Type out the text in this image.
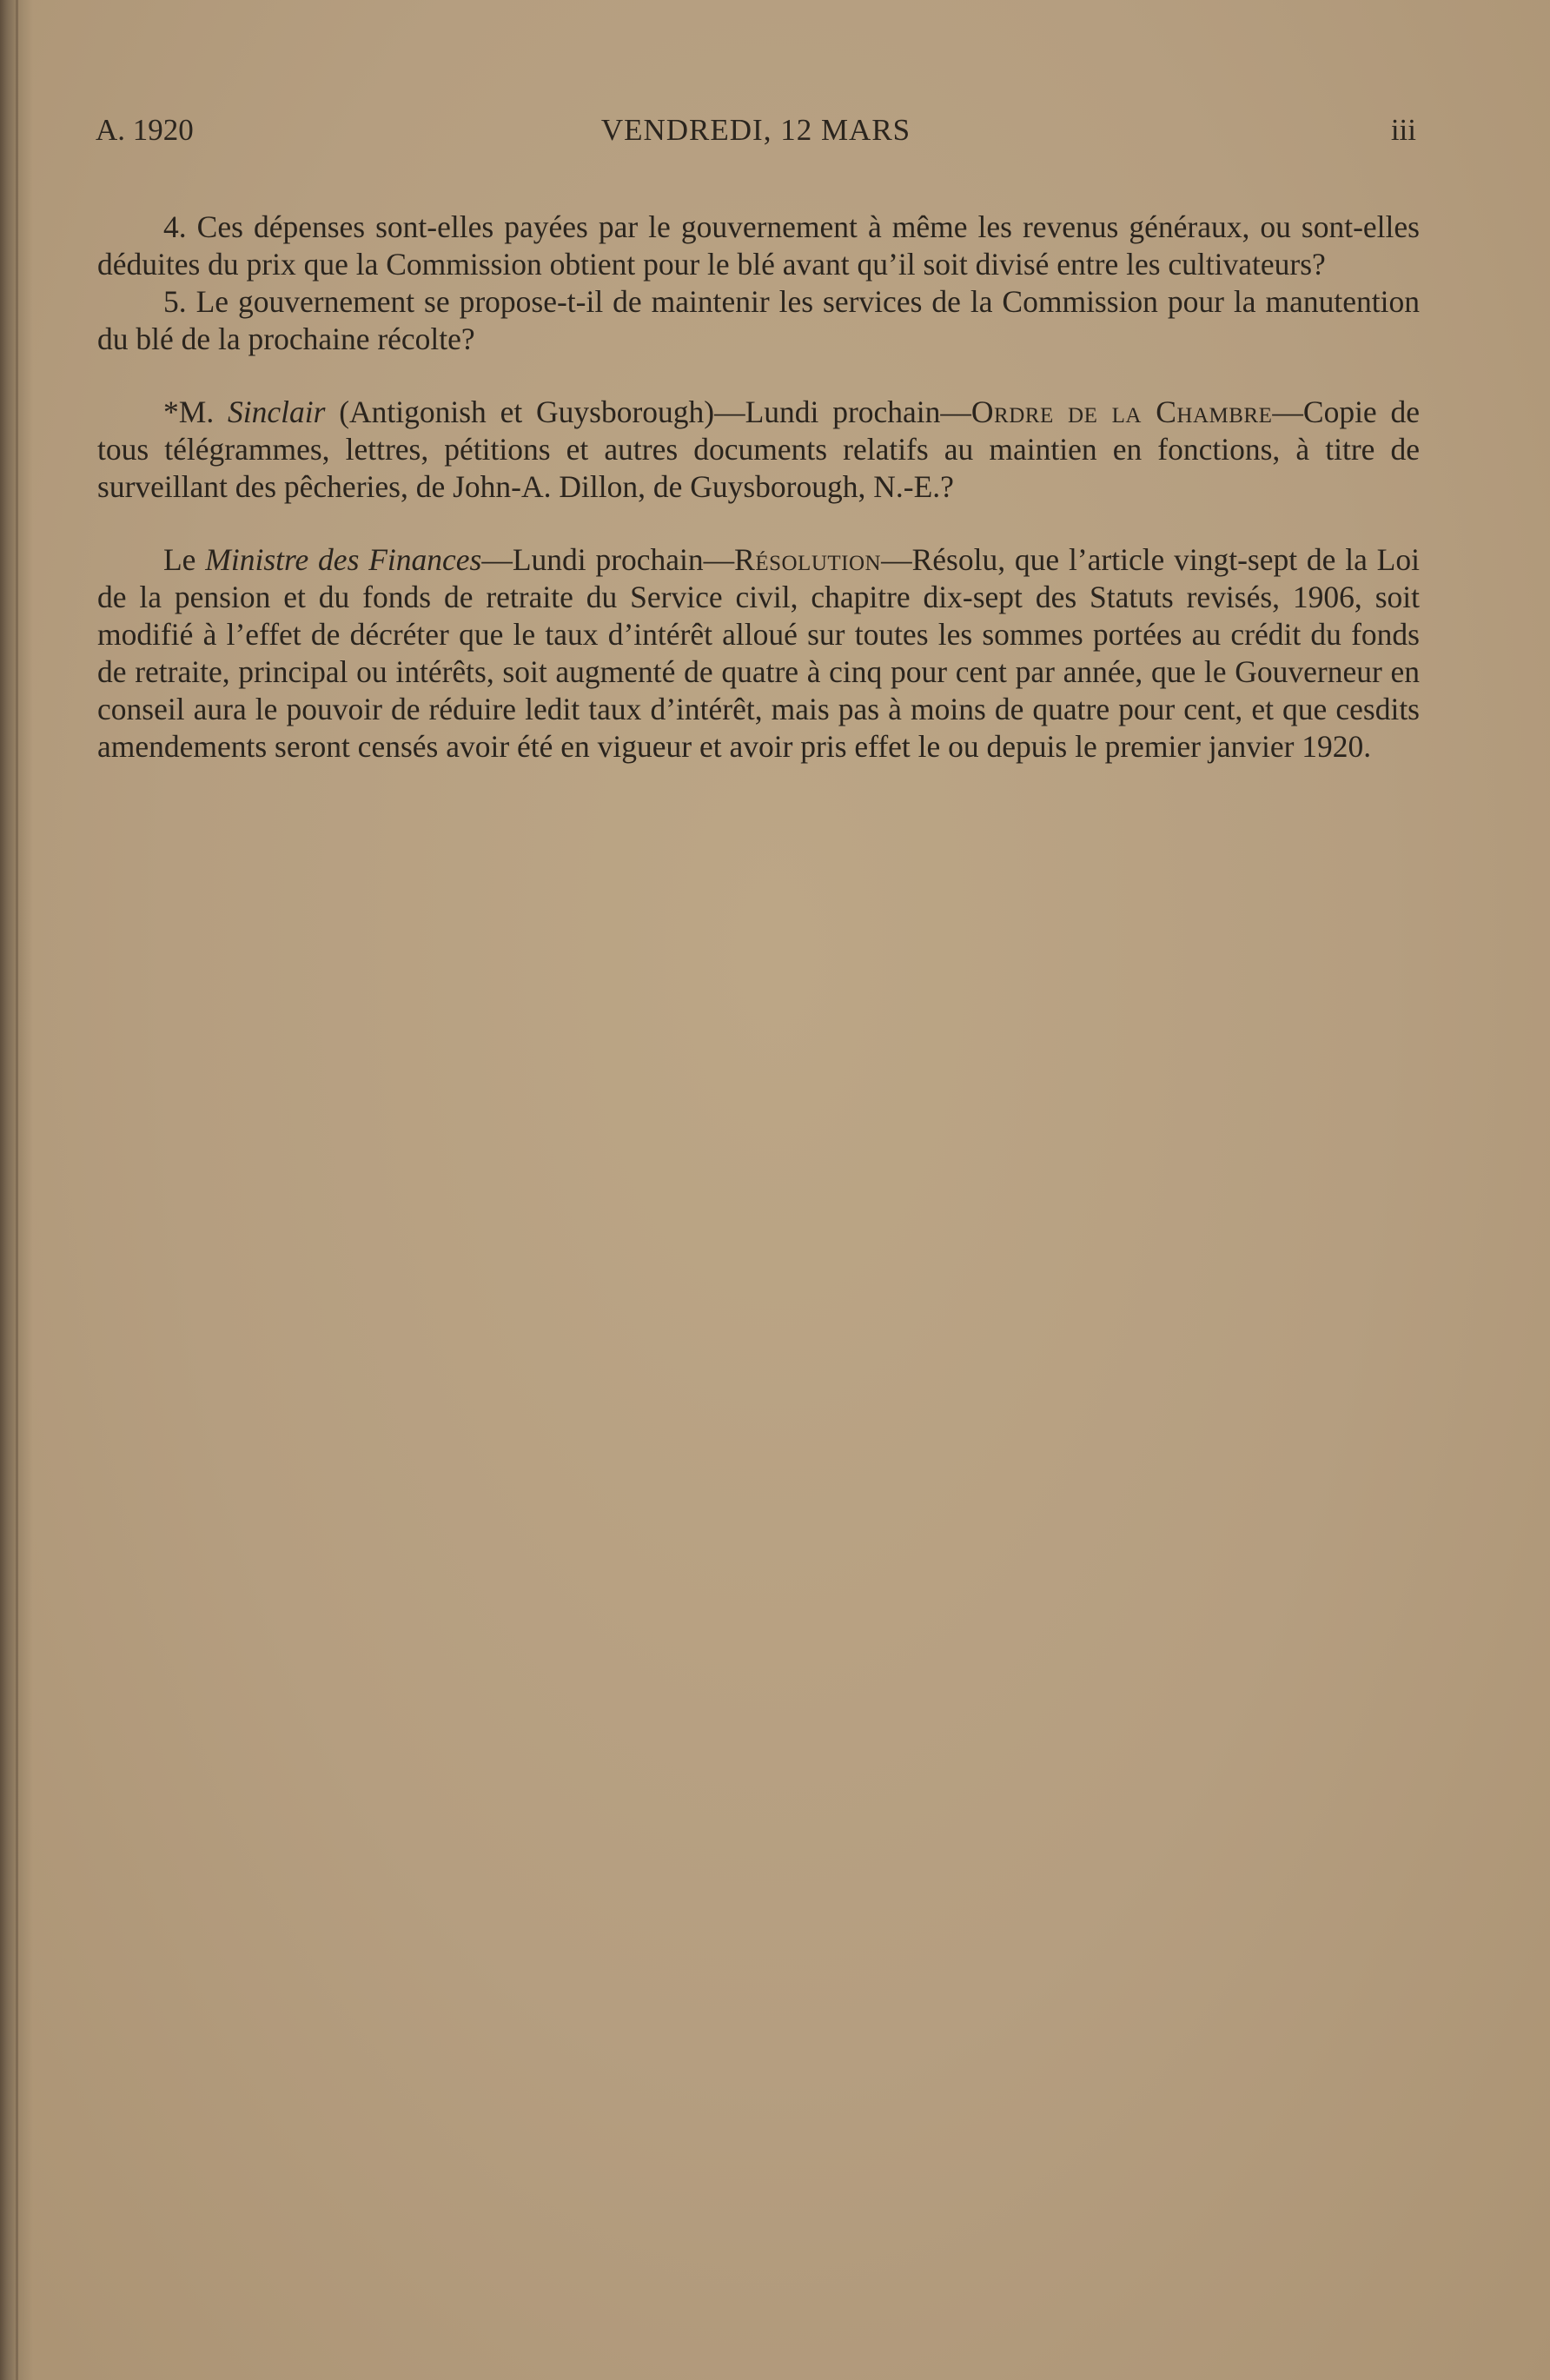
A. 1920	VENDREDI, 12 MARS	iii

4. Ces dépenses sont-elles payées par le gouvernement à même les revenus généraux, ou sont-elles déduites du prix que la Commission obtient pour le blé avant qu’il soit divisé entre les cultivateurs?

5. Le gouvernement se propose-t-il de maintenir les services de la Commission pour la manutention du blé de la prochaine récolte?

*M. Sinclair (Antigonish et Guysborough)—Lundi prochain—Ordre de la Chambre—Copie de tous télégrammes, lettres, pétitions et autres documents relatifs au maintien en fonctions, à titre de surveillant des pêcheries, de John-A. Dillon, de Guysborough, N.-E.?

Le Ministre des Finances—Lundi prochain—Résolution—Résolu, que l’article vingt-sept de la Loi de la pension et du fonds de retraite du Service civil, chapitre dix-sept des Statuts revisés, 1906, soit modifié à l’effet de décréter que le taux d’intérêt alloué sur toutes les sommes portées au crédit du fonds de retraite, principal ou intérêts, soit augmenté de quatre à cinq pour cent par année, que le Gouverneur en conseil aura le pouvoir de réduire ledit taux d’intérêt, mais pas à moins de quatre pour cent, et que cesdits amendements seront censés avoir été en vigueur et avoir pris effet le ou depuis le premier janvier 1920.
